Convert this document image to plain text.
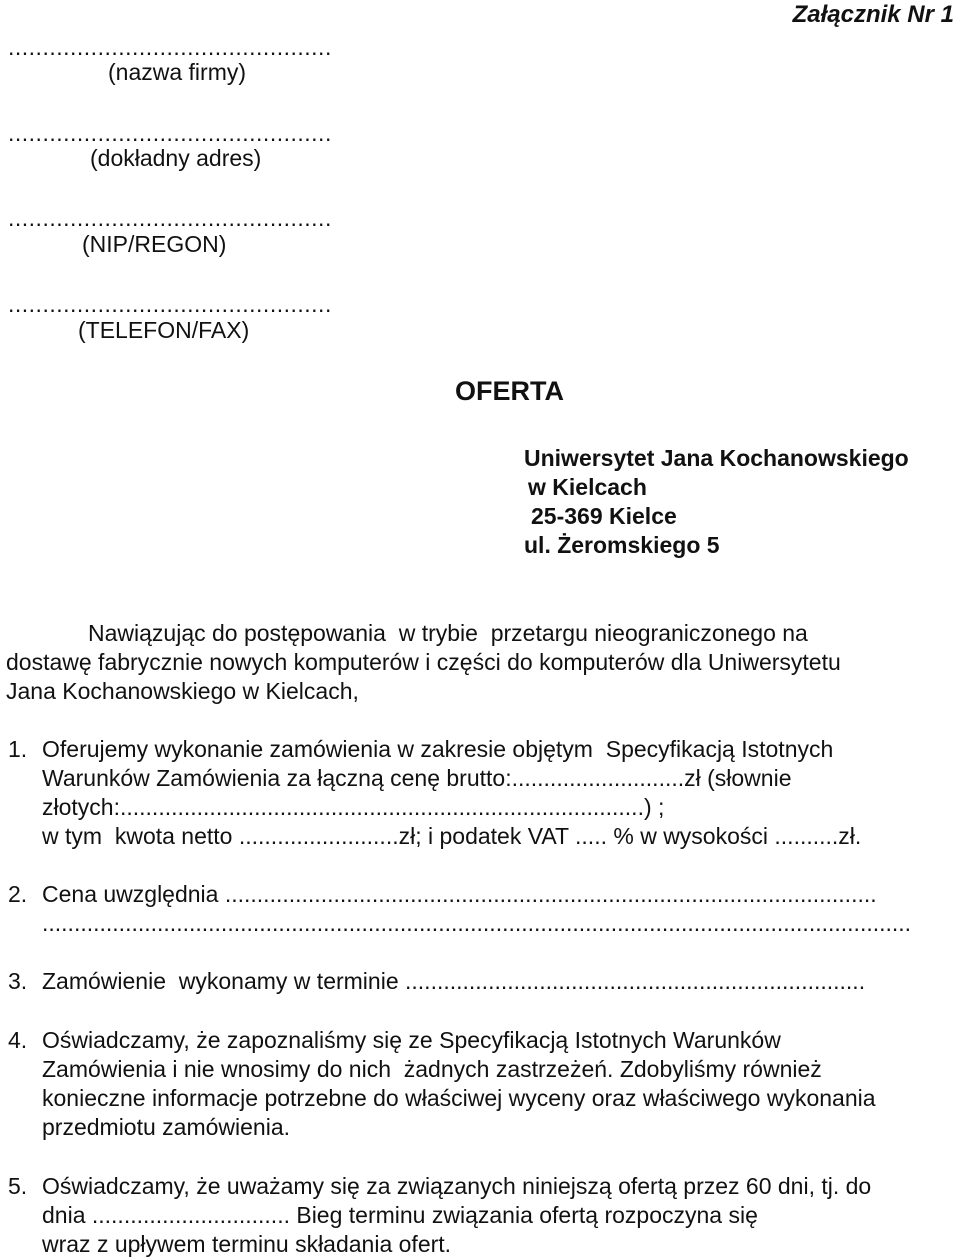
Załącznik Nr 1
...............................................
(nazwa firmy)
...............................................
(dokładny adres)
...............................................
(NIP/REGON)
...............................................
(TELEFON/FAX)
OFERTA
Uniwersytet Jana Kochanowskiego
w Kielcach
25-369 Kielce
ul. Żeromskiego 5
Nawiązując do postępowania  w trybie  przetargu nieograniczonego na
dostawę fabrycznie nowych komputerów i części do komputerów dla Uniwersytetu
Jana Kochanowskiego w Kielcach,
1. Oferujemy wykonanie zamówienia w zakresie objętym  Specyfikacją Istotnych
Warunków Zamówienia za łączną cenę brutto:...........................zł (słownie
złotych:..................................................................................) ;
w tym  kwota netto .........................zł; i podatek VAT ..... % w wysokości ..........zł.
2. Cena uwzględnia ......................................................................................................
........................................................................................................................................
3. Zamówienie  wykonamy w terminie ........................................................................
4. Oświadczamy, że zapoznaliśmy się ze Specyfikacją Istotnych Warunków
Zamówienia i nie wnosimy do nich  żadnych zastrzeżeń. Zdobyliśmy również
konieczne informacje potrzebne do właściwej wyceny oraz właściwego wykonania
przedmiotu zamówienia.
5. Oświadczamy, że uważamy się za związanych niniejszą ofertą przez 60 dni, tj. do
dnia ............................... Bieg terminu związania ofertą rozpoczyna się
wraz z upływem terminu składania ofert.
